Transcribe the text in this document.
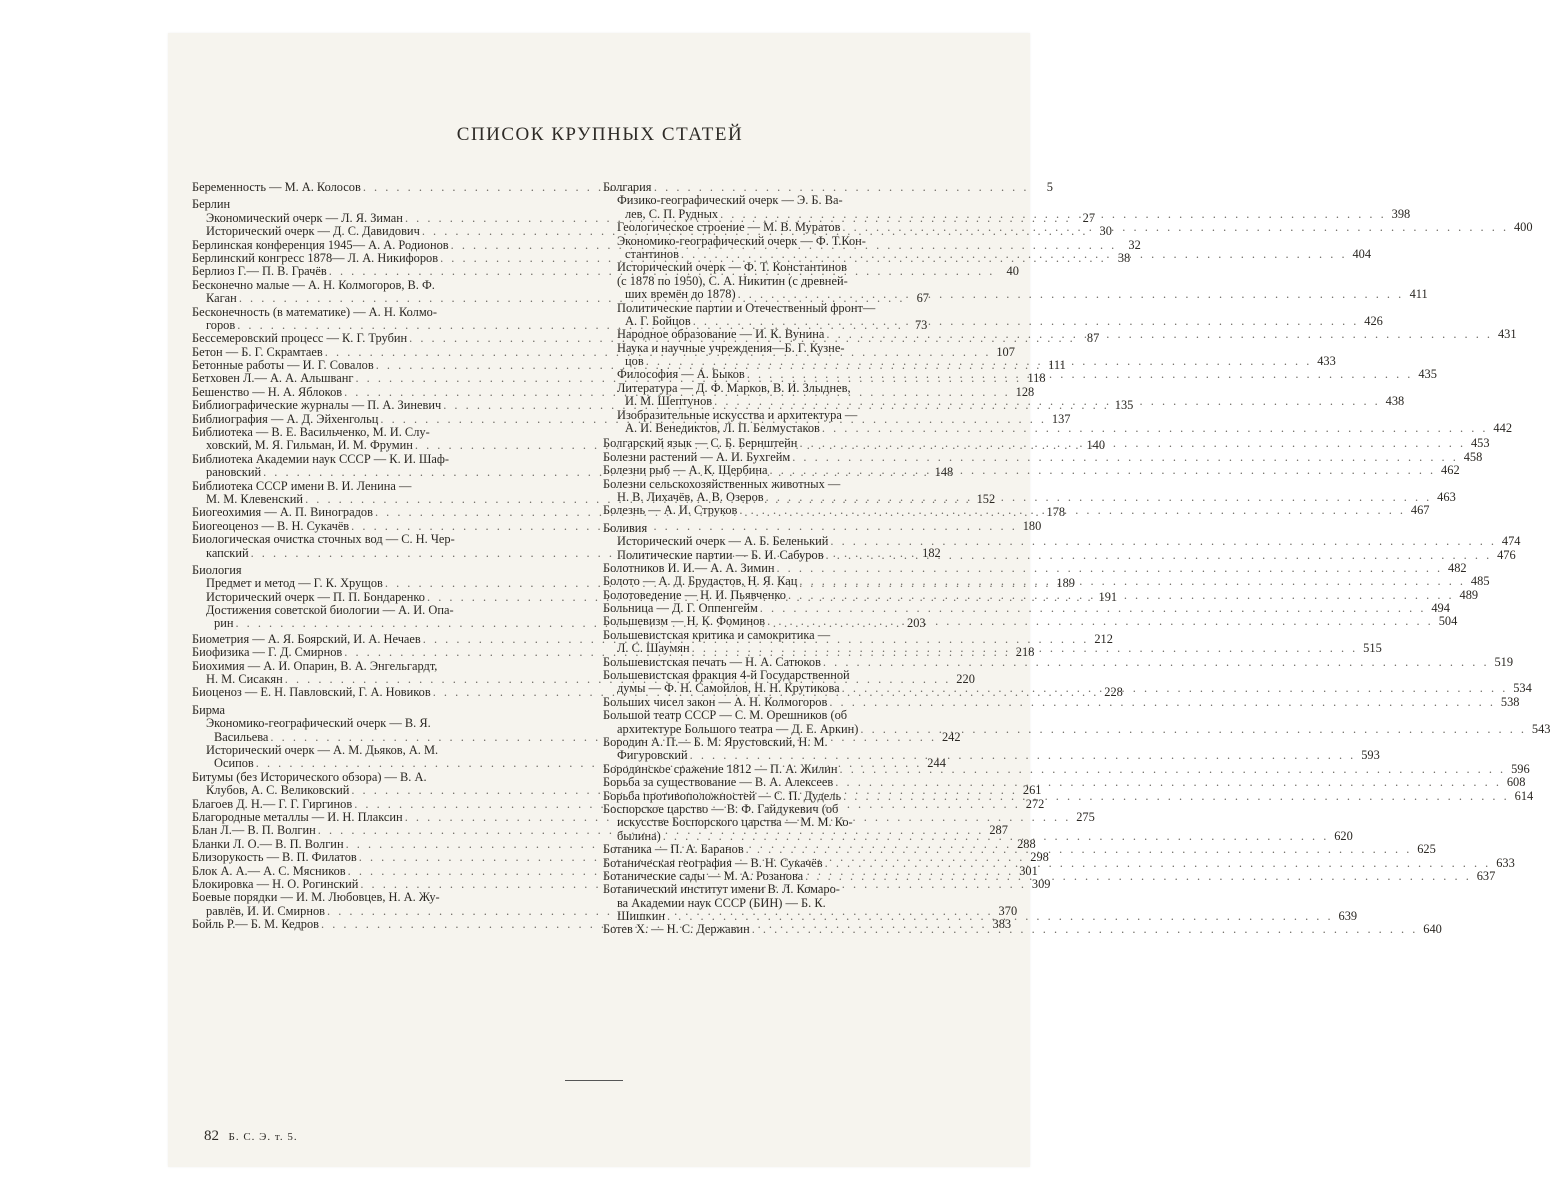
СПИСОК КРУПНЫХ СТАТЕЙ
Беременность — М. А. Колосов . . .	5
Берлин
Экономический очерк — Л. Я. Зиман . . .	27
Исторический очерк — Д. С. Давидович . . .	30
Берлинская конференция 1945— А. А. Родионов . . .	32
Берлинский конгресс 1878— Л. А. Никифоров . . .	38
Берлиоз Г.— П. В. Грачёв . . .	40
Бесконечно малые — А. Н. Колмогоров, В. Ф.
Каган . . .	67
Бесконечность (в математике) — А. Н. Колмо-
горов . . .	73
Бессемеровский процесс — К. Г. Трубин . . .	87
Бетон — Б. Г. Скрамтаев . . .	107
Бетонные работы — И. Г. Совалов . . .	111
Бетховен Л.— А. А. Альшванг . . .	118
Бешенство — Н. А. Яблоков . . .	128
Библиографические журналы — П. А. Зиневич . . .	135
Библиография — А. Д. Эйхенгольц . . .	137
Библиотека — В. Е. Васильченко, М. И. Слу-
ховский, М. Я. Гильман, И. М. Фрумин . . .	140
Библиотека Академии наук СССР — К. И. Шаф-
рановский . . .	148
Библиотека СССР имени В. И. Ленина —
М. М. Клевенский . . .	152
Биогеохимия — А. П. Виноградов . . .	178
Биогеоценоз — В. Н. Сукачёв . . .	180
Биологическая очистка сточных вод — С. Н. Чер-
капский . . .	182
Биология
Предмет и метод — Г. К. Хрущов . . .	189
Исторический очерк — П. П. Бондаренко . . .	191
Достижения советской биологии — А. И. Опа-
рин . . .	203
Биометрия — А. Я. Боярский, И. А. Нечаев . . .	212
Биофизика — Г. Д. Смирнов . . .	218
Биохимия — А. И. Опарин, В. А. Энгельгардт,
Н. М. Сисакян . . .	220
Биоценоз — Е. Н. Павловский, Г. А. Новиков . . .	228
Бирма
Экономико-географический очерк — В. Я.
Васильева . . .	242
Исторический очерк — А. М. Дьяков, А. М.
Осипов . . .	244
Битумы (без Исторического обзора) — В. А.
Клубов, А. С. Великовский . . .	261
Благоев Д. Н.— Г. Г. Гиргинов . . .	272
Благородные металлы — И. Н. Плаксин . . .	275
Блан Л.— В. П. Волгин . . .	287
Бланки Л. О.— В. П. Волгин . . .	288
Близорукость — В. П. Филатов . . .	298
Блок А. А.— А. С. Мясников . . .	301
Блокировка — Н. О. Рогинский . . .	309
Боевые порядки — И. М. Любовцев, Н. А. Жу-
равлёв, И. И. Смирнов . . .	370
Бойль Р.— Б. М. Кедров . . .	383
Болгария
Физико-географический очерк — Э. Б. Ва-
лев, С. П. Рудных . . .	398
Геологическое строение — М. В. Муратов . . .	400
Экономико-географический очерк — Ф. Т.Кон-
стантинов . . .	404
Исторический очерк — Ф. Т. Константинов
(с 1878 по 1950), С. А. Никитин (с древней-
ших времён до 1878) . . .	411
Политические партии и Отечественный фронт—
А. Г. Бойцов . . .	426
Народное образование — И. К. Вунина . . .	431
Наука и научные учреждения—Б. Г. Кузне-
цов . . .	433
Философия — А. Быков . . .	435
Литература — Д. Ф. Марков, В. И. Злыднев,
И. М. Шептунов . . .	438
Изобразительные искусства и архитектура —
А. И. Венедиктов, Л. П. Белмустаков . . .	442
Болгарский язык — С. Б. Бернштейн . . .	453
Болезни растений — А. И. Бухгейм . . .	458
Болезни рыб — А. К. Щербина . . .	462
Болезни сельскохозяйственных животных —
Н. В. Лихачёв, А. В. Озеров . . .	463
Болезнь — А. И. Струков . . .	467
Боливия
Исторический очерк — А. Б. Беленький . . .	474
Политические партии — Б. И. Сабуров . . .	476
Болотников И. И.— А. А. Зимин . . .	482
Болото — А. Д. Брудастов, Н. Я. Кац . . .	485
Болотоведение — Н. И. Пьявченко . . .	489
Больница — Д. Г. Оппенгейм . . .	494
Большевизм — Н. К. Фоминов . . .	504
Большевистская критика и самокритика —
Л. С. Шаумян . . .	515
Большевистская печать — Н. А. Сатюков . . .	519
Большевистская фракция 4-й Государственной
думы — Ф. Н. Самойлов, Н. Н. Крутикова . . .	534
Больших чисел закон — А. Н. Колмогоров . . .	538
Большой театр СССР — С. М. Орешников (об
архитектуре Большого театра — Д. Е. Аркин) . . .	543
Бородин А. П.— Б. М. Ярустовский, Н. М.
Фигуровский . . .	593
Бородинское сражение 1812 — П. А. Жилин . . .	596
Борьба за существование — В. А. Алексеев . . .	608
Борьба противоположностей — С. П. Дудель . . .	614
Боспорское царство — В. Ф. Гайдукевич (об
искусстве Боспорского царства — М. М. Ко-
былина) . . .	620
Ботаника — П. А. Баранов . . .	625
Ботаническая география — В. Н. Сукачёв . . .	633
Ботанические сады — М. А. Розанова . . .	637
Ботанический институт имени В. Л. Комаро-
ва Академии наук СССР (БИН) — Б. К.
Шишкин . . .	639
Ботев Х. — Н. С. Державин . . .	640
82 Б. С. Э. т. 5.
